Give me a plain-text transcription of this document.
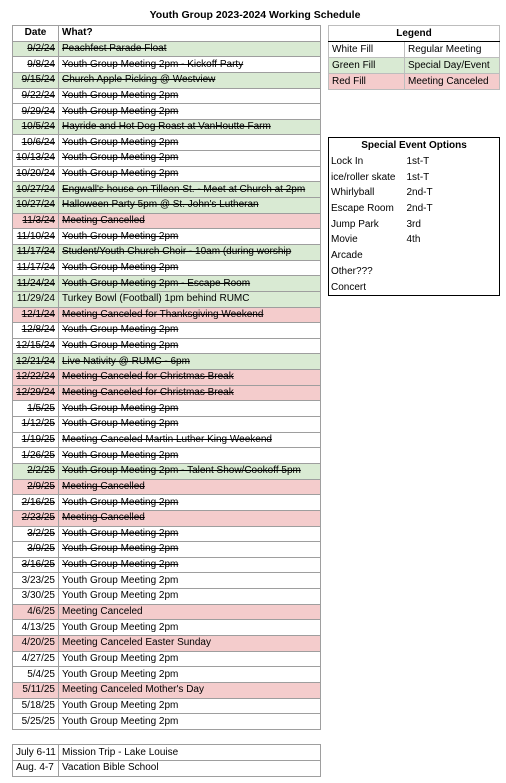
Youth Group 2023-2024 Working Schedule
Date	What?
9/2/24	Peachfest Parade Float
9/8/24	Youth Group Meeting 2pm - Kickoff Party
9/15/24	Church Apple Picking @ Westview
9/22/24	Youth Group Meeting 2pm
9/29/24	Youth Group Meeting 2pm
10/5/24	Hayride and Hot Dog Roast at VanHoutte Farm
10/6/24	Youth Group Meeting 2pm
10/13/24	Youth Group Meeting 2pm
10/20/24	Youth Group Meeting 2pm
10/27/24	Engwall's house on Tilleon St. - Meet at Church at 2pm
10/27/24	Halloween Party 5pm @ St. John's Lutheran
11/3/24	Meeting Cancelled
11/10/24	Youth Group Meeting 2pm
11/17/24	Student/Youth Church Choir - 10am (during worship
11/17/24	Youth Group Meeting 2pm
11/24/24	Youth Group Meeting 2pm - Escape Room
11/29/24	Turkey Bowl (Football) 1pm behind RUMC
12/1/24	Meeting Canceled for Thanksgiving Weekend
12/8/24	Youth Group Meeting 2pm
12/15/24	Youth Group Meeting 2pm
12/21/24	Live Nativity @ RUMC - 6pm
12/22/24	Meeting Canceled for Christmas Break
12/29/24	Meeting Canceled for Christmas Break
1/5/25	Youth Group Meeting 2pm
1/12/25	Youth Group Meeting 2pm
1/19/25	Meeting Canceled Martin Luther King Weekend
1/26/25	Youth Group Meeting 2pm
2/2/25	Youth Group Meeting 2pm - Talent Show/Cookoff 5pm
2/9/25	Meeting Cancelled
2/16/25	Youth Group Meeting 2pm
2/23/25	Meeting Cancelled
3/2/25	Youth Group Meeting 2pm
3/9/25	Youth Group Meeting 2pm
3/16/25	Youth Group Meeting 2pm
3/23/25	Youth Group Meeting 2pm
3/30/25	Youth Group Meeting 2pm
4/6/25	Meeting Canceled
4/13/25	Youth Group Meeting 2pm
4/20/25	Meeting Canceled Easter Sunday
4/27/25	Youth Group Meeting 2pm
5/4/25	Youth Group Meeting 2pm
5/11/25	Meeting Canceled Mother's Day
5/18/25	Youth Group Meeting 2pm
5/25/25	Youth Group Meeting 2pm

July 6-11	Mission Trip - Lake Louise
Aug. 4-7	Vacation Bible School
Legend	
White Fill	Regular Meeting
Green Fill	Special Day/Event
Red Fill	Meeting Canceled
Special Event Options	
Lock In	1st-T
ice/roller skate	1st-T
Whirlyball	2nd-T
Escape Room	2nd-T
Jump Park	3rd
Movie	4th
Arcade	
Other???	
Concert	
